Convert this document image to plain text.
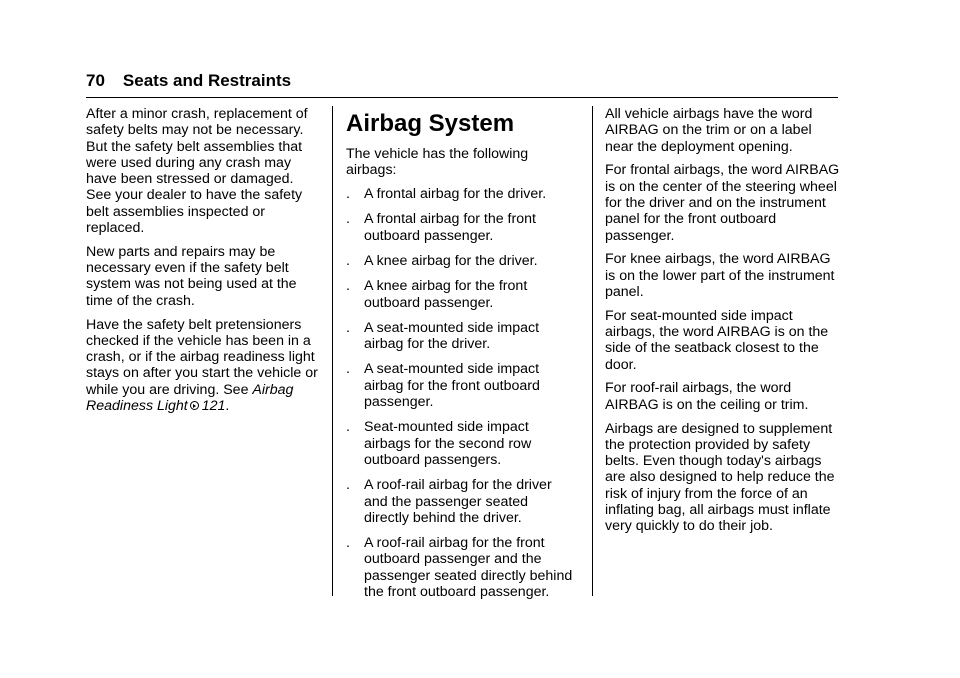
70 Seats and Restraints

After a minor crash, replacement of safety belts may not be necessary. But the safety belt assemblies that were used during any crash may have been stressed or damaged. See your dealer to have the safety belt assemblies inspected or replaced.

New parts and repairs may be necessary even if the safety belt system was not being used at the time of the crash.

Have the safety belt pretensioners checked if the vehicle has been in a crash, or if the airbag readiness light stays on after you start the vehicle or while you are driving. See Airbag Readiness Light 121.

Airbag System

The vehicle has the following airbags:

. A frontal airbag for the driver.
. A frontal airbag for the front outboard passenger.
. A knee airbag for the driver.
. A knee airbag for the front outboard passenger.
. A seat-mounted side impact airbag for the driver.
. A seat-mounted side impact airbag for the front outboard passenger.
. Seat-mounted side impact airbags for the second row outboard passengers.
. A roof-rail airbag for the driver and the passenger seated directly behind the driver.
. A roof-rail airbag for the front outboard passenger and the passenger seated directly behind the front outboard passenger.

All vehicle airbags have the word AIRBAG on the trim or on a label near the deployment opening.

For frontal airbags, the word AIRBAG is on the center of the steering wheel for the driver and on the instrument panel for the front outboard passenger.

For knee airbags, the word AIRBAG is on the lower part of the instrument panel.

For seat-mounted side impact airbags, the word AIRBAG is on the side of the seatback closest to the door.

For roof-rail airbags, the word AIRBAG is on the ceiling or trim.

Airbags are designed to supplement the protection provided by safety belts. Even though today's airbags are also designed to help reduce the risk of injury from the force of an inflating bag, all airbags must inflate very quickly to do their job.
